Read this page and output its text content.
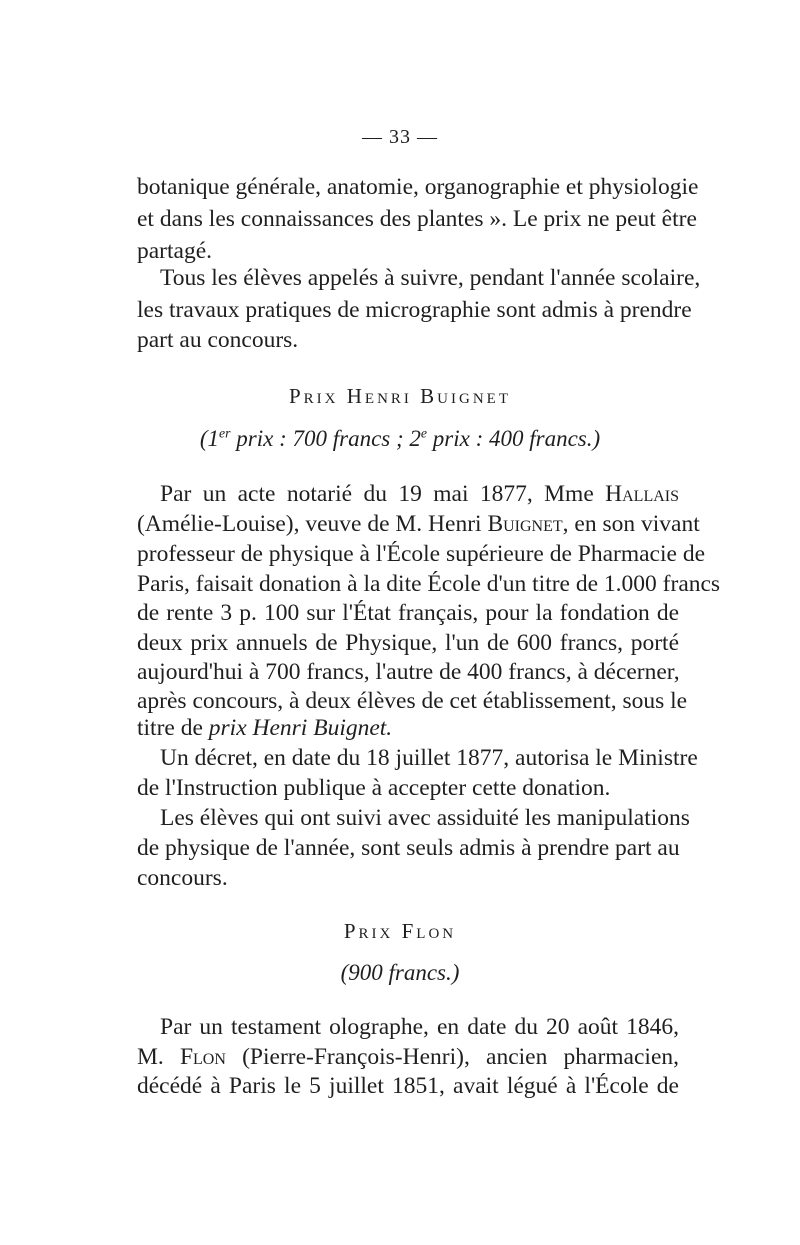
— 33 —
botanique générale, anatomie, organographie et physiologie
et dans les connaissances des plantes ». Le prix ne peut être
partagé.
Tous les élèves appelés à suivre, pendant l'année scolaire,
les travaux pratiques de micrographie sont admis à prendre
part au concours.
Prix Henri Buignet
(1er prix : 700 francs ; 2e prix : 400 francs.)
Par un acte notarié du 19 mai 1877, Mme Hallais
(Amélie-Louise), veuve de M. Henri Buignet, en son vivant
professeur de physique à l'École supérieure de Pharmacie de
Paris, faisait donation à la dite École d'un titre de 1.000 francs
de rente 3 p. 100 sur l'État français, pour la fondation de
deux prix annuels de Physique, l'un de 600 francs, porté
aujourd'hui à 700 francs, l'autre de 400 francs, à décerner,
après concours, à deux élèves de cet établissement, sous le
titre de prix Henri Buignet.
Un décret, en date du 18 juillet 1877, autorisa le Ministre
de l'Instruction publique à accepter cette donation.
Les élèves qui ont suivi avec assiduité les manipulations
de physique de l'année, sont seuls admis à prendre part au
concours.
Prix Flon
(900 francs.)
Par un testament olographe, en date du 20 août 1846,
M. Flon (Pierre-François-Henri), ancien pharmacien,
décédé à Paris le 5 juillet 1851, avait légué à l'École de
